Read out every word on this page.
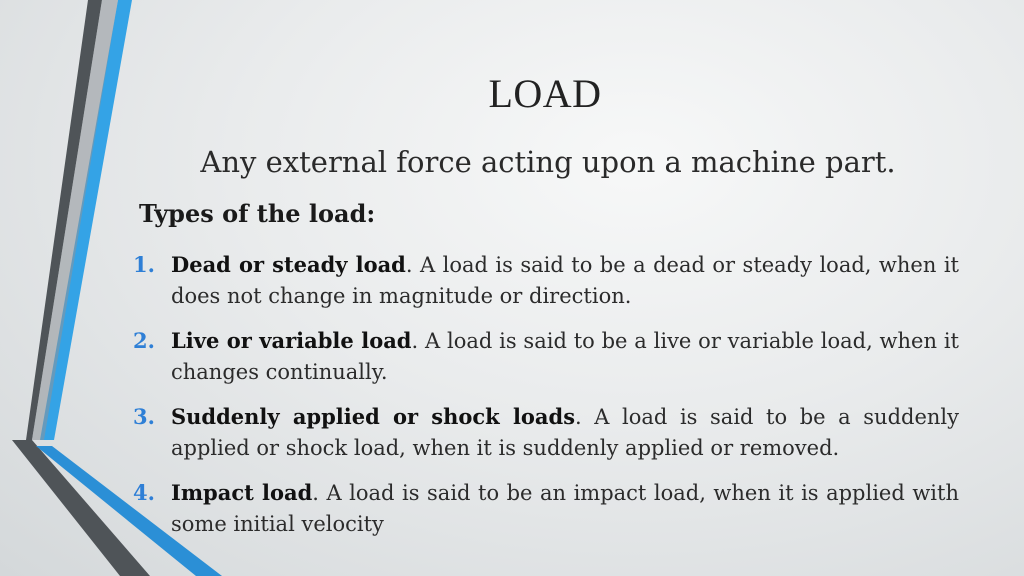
LOAD
Any external force acting upon a machine part.
Types of the load:
1. Dead or steady load. A load is said to be a dead or steady load, when it does not change in magnitude or direction.
2. Live or variable load. A load is said to be a live or variable load, when it changes continually.
3. Suddenly applied or shock loads. A load is said to be a suddenly applied or shock load, when it is suddenly applied or removed.
4. Impact load. A load is said to be an impact load, when it is applied with some initial velocity
